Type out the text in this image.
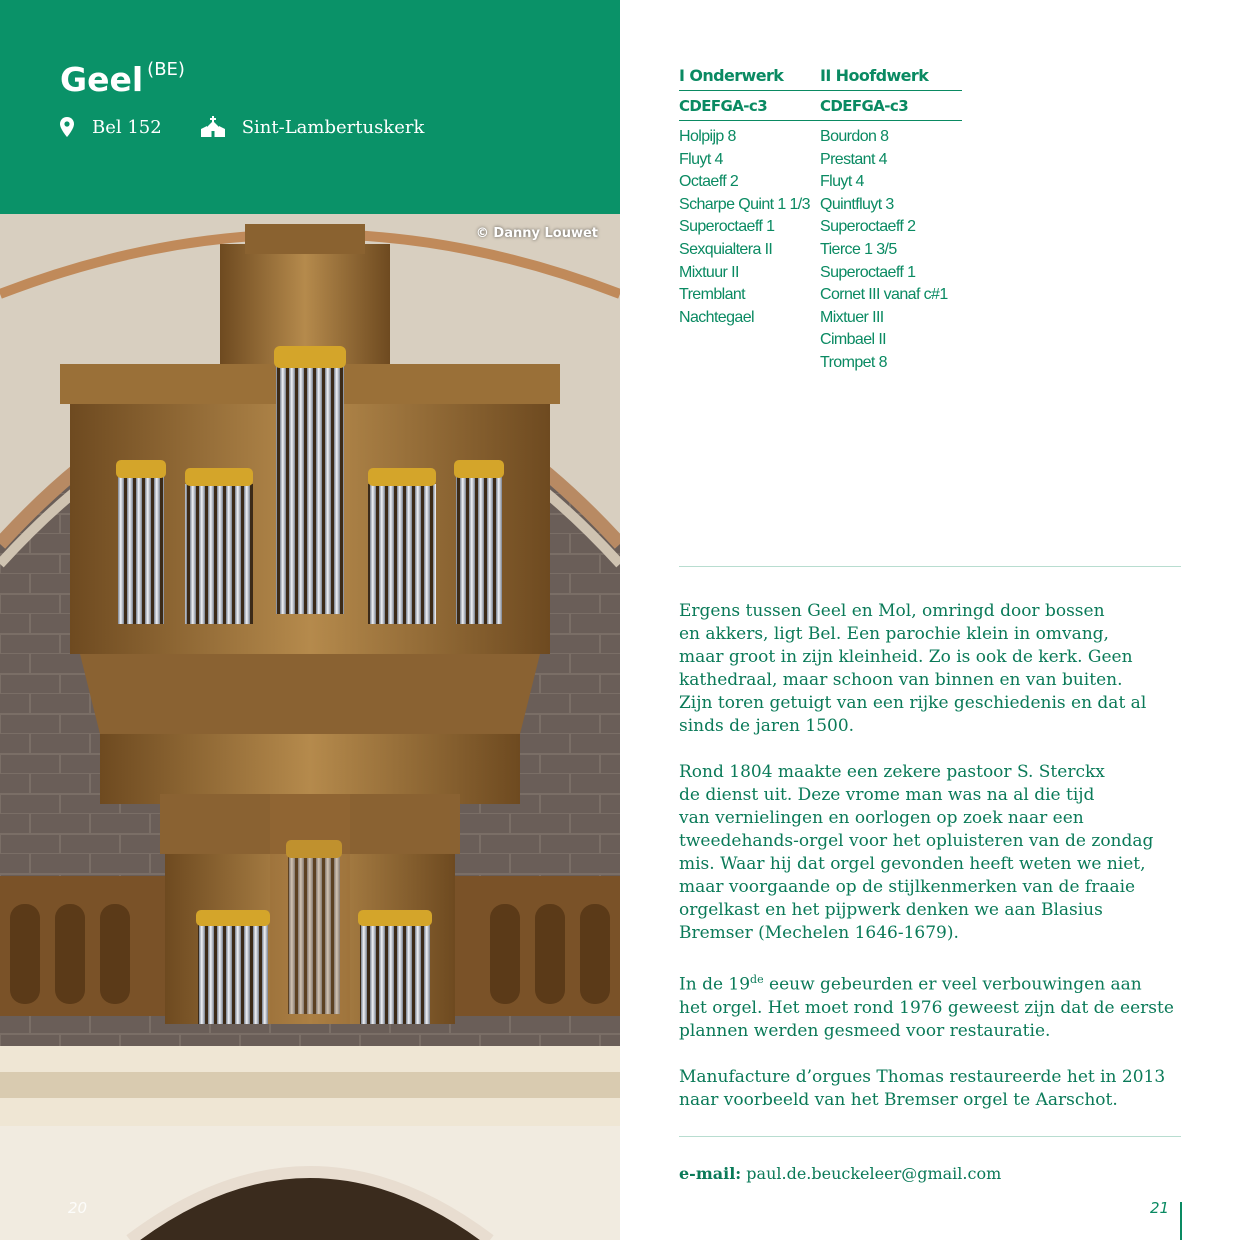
Geel $^{(BE)}$
Bel 152	Sint-Lambertuskerk
© Danny Louwet
20
I Onderwerk
CDEFGA-c3
Holpijp 8
Fluyt 4
Octaeff 2
Scharpe Quint 1 1/3
Superoctaeff 1
Sexquialtera II
Mixtuur II
Tremblant
Nachtegael
II Hoofdwerk
CDEFGA-c3
Bourdon 8
Prestant 4
Fluyt 4
Quintfluyt 3
Superoctaeff 2
Tierce 1 3/5
Superoctaeff 1
Cornet III vanaf c#1
Mixtuer III
Cimbael II
Trompet 8

Ergens tussen Geel en Mol, omringd door bossen
en akkers, ligt Bel. Een parochie klein in omvang,
maar groot in zijn kleinheid. Zo is ook de kerk. Geen
kathedraal, maar schoon van binnen en van buiten.
Zijn toren getuigt van een rijke geschiedenis en dat al
sinds de jaren 1500.

Rond 1804 maakte een zekere pastoor S. Sterckx
de dienst uit. Deze vrome man was na al die tijd
van vernielingen en oorlogen op zoek naar een
tweedehands-orgel voor het opluisteren van de zondag
mis. Waar hij dat orgel gevonden heeft weten we niet,
maar voorgaande op de stijlkenmerken van de fraaie
orgelkast en het pijpwerk denken we aan Blasius
Bremser (Mechelen 1646-1679).

In de 19de eeuw gebeurden er veel verbouwingen aan
het orgel. Het moet rond 1976 geweest zijn dat de eerste
plannen werden gesmeed voor restauratie.

Manufacture d’orgues Thomas restaureerde het in 2013
naar voorbeeld van het Bremser orgel te Aarschot.

e-mail: paul.de.beuckeleer@gmail.com
21
